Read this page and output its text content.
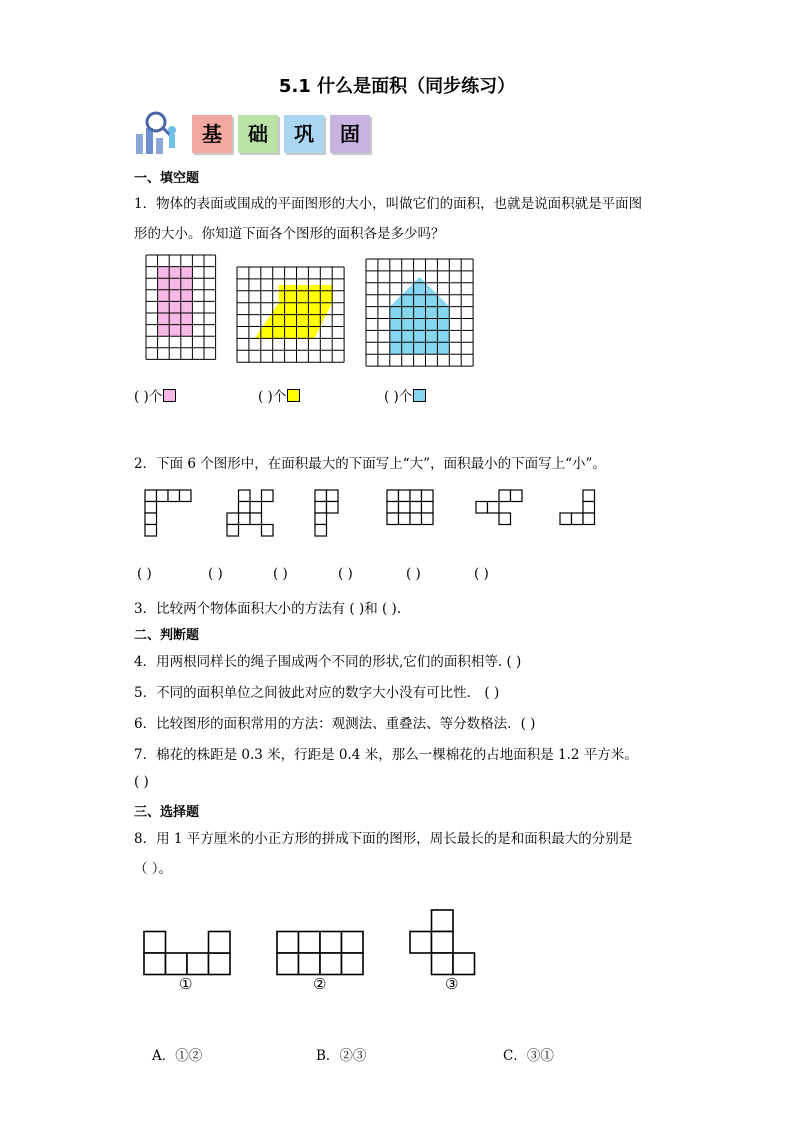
5.1 什么是面积（同步练习）
基	础	巩	固
一、填空题
1．物体的表面或围成的平面图形的大小，叫做它们的面积，也就是说面积就是平面图
形的大小。你知道下面各个图形的面积各是多少吗？
( )个	( )个	( )个
2．下面 6 个图形中，在面积最大的下面写上“大”，面积最小的下面写上“小”。
( )	( )	( )	( )	( )	( )
3．比较两个物体面积大小的方法有 ( )和 ( ).
二、判断题
4．用两根同样长的绳子围成两个不同的形状,它们的面积相等. ( )
5．不同的面积单位之间彼此对应的数字大小没有可比性． ( )
6．比较图形的面积常用的方法：观测法、重叠法、等分数格法．( )
7．棉花的株距是 0.3 米，行距是 0.4 米，那么一棵棉花的占地面积是 1.2 平方米。
( )
三、选择题
8．用 1 平方厘米的小正方形的拼成下面的图形，周长最长的是和面积最大的分别是
（ ）。
①	②	③
A．①②	B．②③	C．③①
